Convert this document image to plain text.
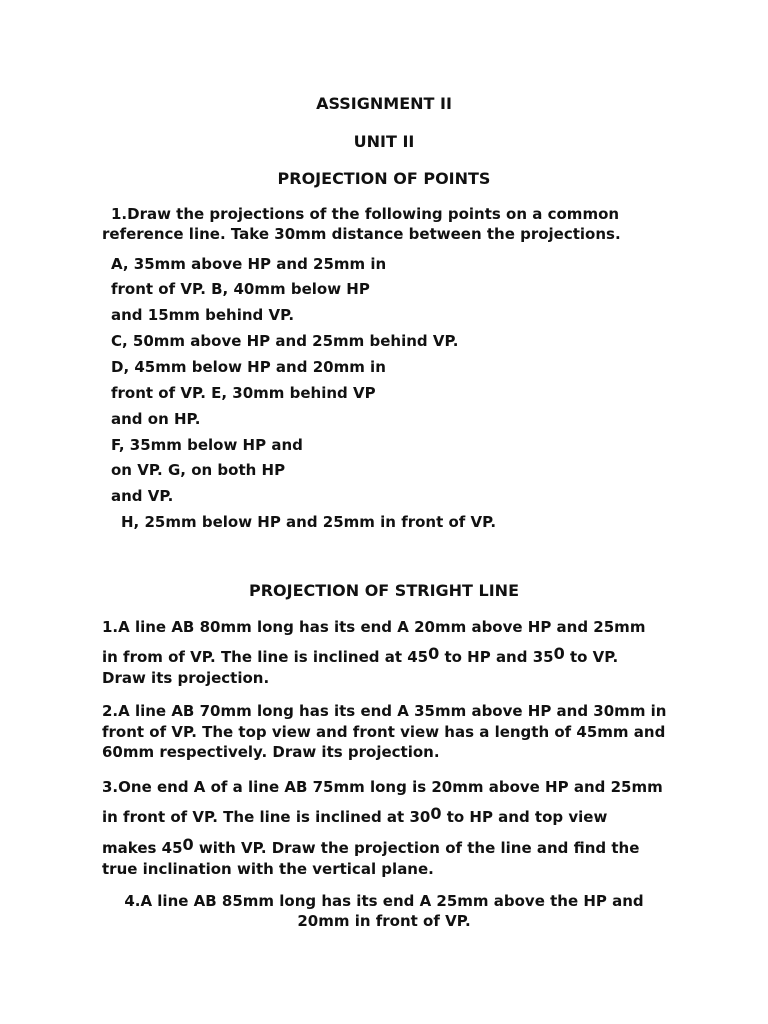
ASSIGNMENT II
UNIT II
PROJECTION OF POINTS
1.Draw the projections of the following points on a common
reference line. Take 30mm distance between the projections.
A, 35mm above HP and 25mm in
front of VP. B, 40mm below HP
and 15mm behind VP.
C, 50mm above HP and 25mm behind VP.
D, 45mm below HP and 20mm in
front of VP. E, 30mm behind VP
and on HP.
F, 35mm below HP and
on VP. G, on both HP
and VP.
H, 25mm below HP and 25mm in front of VP.
PROJECTION OF STRIGHT LINE
1.A line AB 80mm long has its end A 20mm above HP and 25mm
in from of VP. The line is inclined at $45^0$ to HP and $35^0$ to VP.
Draw its projection.
2.A line AB 70mm long has its end A 35mm above HP and 30mm in
front of VP. The top view and front view has a length of 45mm and
60mm respectively. Draw its projection.
3.One end A of a line AB 75mm long is 20mm above HP and 25mm
in front of VP. The line is inclined at $30^0$ to HP and top view
makes $45^0$ with VP. Draw the projection of the line and find the
true inclination with the vertical plane.
4.A line AB 85mm long has its end A 25mm above the HP and
20mm in front of VP.
